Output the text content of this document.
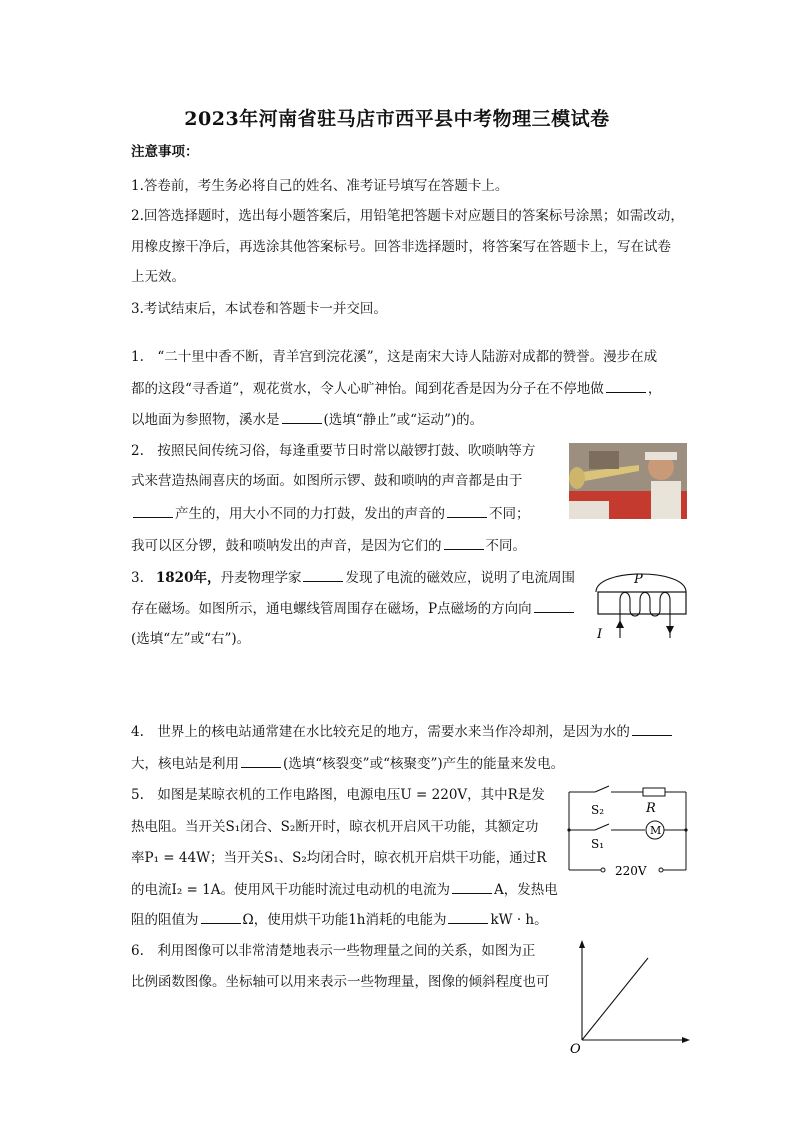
2023年河南省驻马店市西平县中考物理三模试卷
注意事项：
1.答卷前，考生务必将自己的姓名、准考证号填写在答题卡上。
2.回答选择题时，选出每小题答案后，用铅笔把答题卡对应题目的答案标号涂黑；如需改动，
用橡皮擦干净后，再选涂其他答案标号。回答非选择题时，将答案写在答题卡上，写在试卷
上无效。
3.考试结束后，本试卷和答题卡一并交回。
1.　“二十里中香不断，青羊宫到浣花溪”，这是南宋大诗人陆游对成都的赞誉。漫步在成
都的这段“寻香道”，观花赏水，令人心旷神怡。闻到花香是因为分子在不停地做	，
以地面为参照物，溪水是	(选填“静止”或“运动”)的。
2.　按照民间传统习俗，每逢重要节日时常以敲锣打鼓、吹唢呐等方
式来营造热闹喜庆的场面。如图所示锣、鼓和唢呐的声音都是由于
产生的，用大小不同的力打鼓，发出的声音的	不同；
我可以区分锣，鼓和唢呐发出的声音，是因为它们的	不同。
3. 1820年，丹麦物理学家	发现了电流的磁效应，说明了电流周围
存在磁场。如图所示，通电螺线管周围存在磁场，P点磁场的方向向
(选填“左”或“右”)。
P
I
4.　世界上的核电站通常建在水比较充足的地方，需要水来当作冷却剂，是因为水的
大，核电站是利用	(选填“核裂变”或“核聚变”)产生的能量来发电。
5.　如图是某晾衣机的工作电路图，电源电压U = 220V，其中R是发
热电阻。当开关S₁闭合、S₂断开时，晾衣机开启风干功能，其额定功
率P₁ = 44W；当开关S₁、S₂均闭合时，晾衣机开启烘干功能，通过R
的电流I₂ = 1A。使用风干功能时流过电动机的电流为	A，发热电
阻的阻值为	Ω，使用烘干功能1h消耗的电能为	kW · h。
S₂	R
M
S₁
220V
6.　利用图像可以非常清楚地表示一些物理量之间的关系，如图为正
比例函数图像。坐标轴可以用来表示一些物理量，图像的倾斜程度也可
O
